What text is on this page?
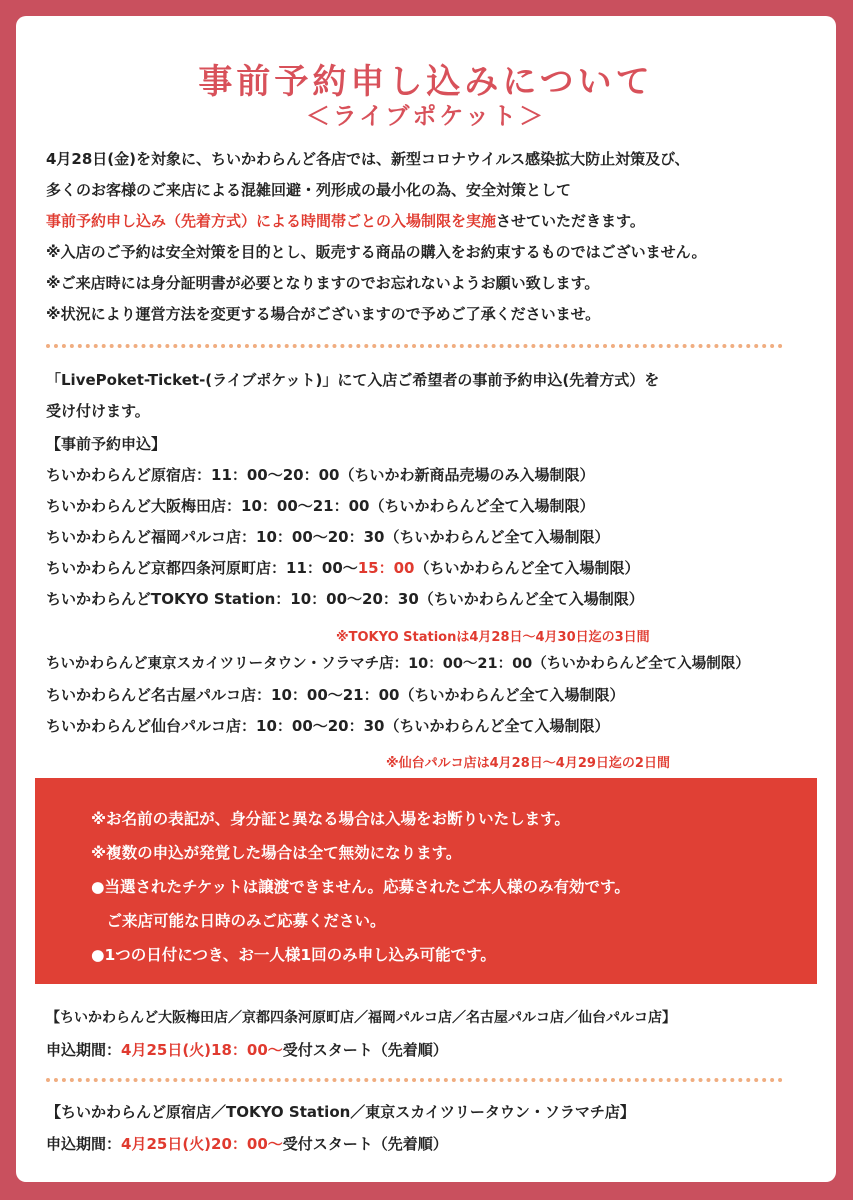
事前予約申し込みについて
＜ライブポケット＞
4月28日(金)を対象に、ちいかわらんど各店では、新型コロナウイルス感染拡大防止対策及び、
多くのお客様のご来店による混雑回避・列形成の最小化の為、安全対策として
事前予約申し込み（先着方式）による時間帯ごとの入場制限を実施させていただきます。
※入店のご予約は安全対策を目的とし、販売する商品の購入をお約束するものではございません。
※ご来店時には身分証明書が必要となりますのでお忘れないようお願い致します。
※状況により運営方法を変更する場合がございますので予めご了承くださいませ。
「LivePoket-Ticket-(ライブポケット)」にて入店ご希望者の事前予約申込(先着方式）を
受け付けます。
【事前予約申込】
ちいかわらんど原宿店：11：00～20：00（ちいかわ新商品売場のみ入場制限）
ちいかわらんど大阪梅田店：10：00～21：00（ちいかわらんど全て入場制限）
ちいかわらんど福岡パルコ店：10：00～20：30（ちいかわらんど全て入場制限）
ちいかわらんど京都四条河原町店：11：00～15：00（ちいかわらんど全て入場制限）
ちいかわらんどTOKYO Station：10：00～20：30（ちいかわらんど全て入場制限）
※TOKYO Stationは4月28日～4月30日迄の3日間
ちいかわらんど東京スカイツリータウン・ソラマチ店：10：00～21：00（ちいかわらんど全て入場制限）
ちいかわらんど名古屋パルコ店：10：00～21：00（ちいかわらんど全て入場制限）
ちいかわらんど仙台パルコ店：10：00～20：30（ちいかわらんど全て入場制限）
※仙台パルコ店は4月28日～4月29日迄の2日間
※お名前の表記が、身分証と異なる場合は入場をお断りいたします。
※複数の申込が発覚した場合は全て無効になります。
●当選されたチケットは譲渡できません。応募されたご本人様のみ有効です。
　ご来店可能な日時のみご応募ください。
●1つの日付につき、お一人様1回のみ申し込み可能です。
【ちいかわらんど大阪梅田店／京都四条河原町店／福岡パルコ店／名古屋パルコ店／仙台パルコ店】
申込期間：4月25日(火)18：00～受付スタート（先着順）
【ちいかわらんど原宿店／TOKYO Station／東京スカイツリータウン・ソラマチ店】
申込期間：4月25日(火)20：00～受付スタート（先着順）
